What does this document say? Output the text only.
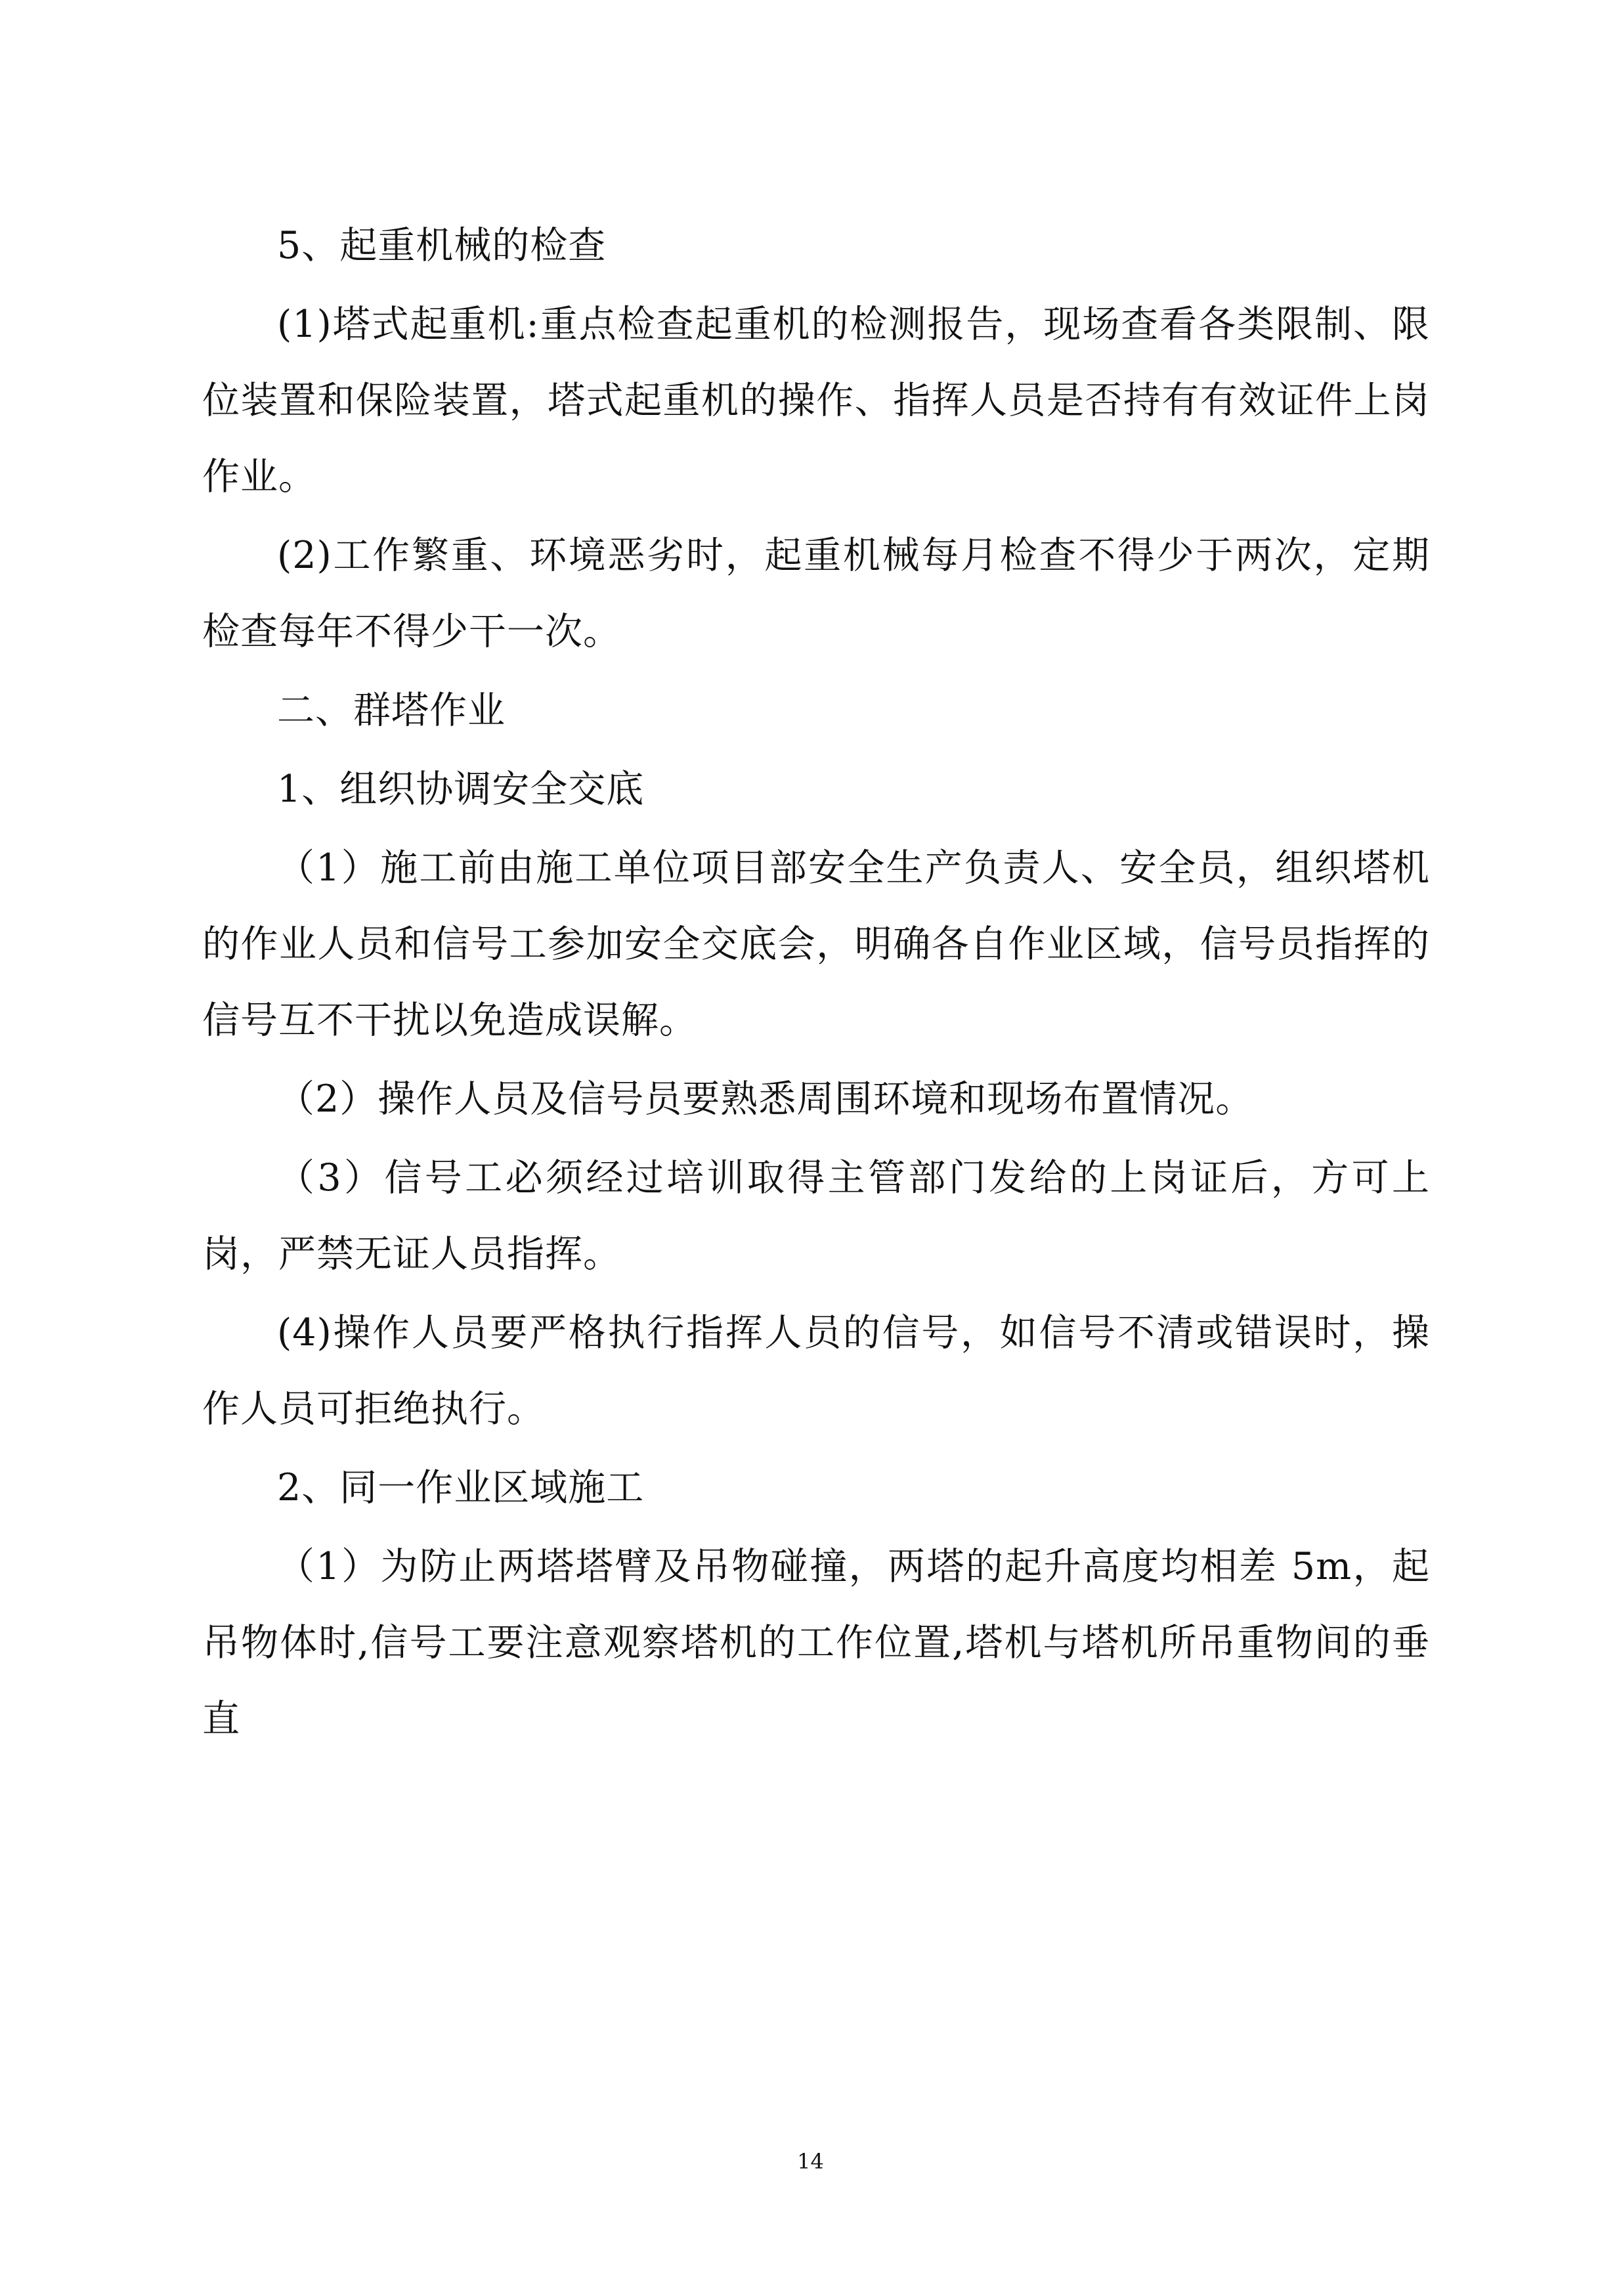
5、起重机械的检查

(1)塔式起重机:重点检查起重机的检测报告，现场查看各类限制、限位装置和保险装置，塔式起重机的操作、指挥人员是否持有有效证件上岗作业。

(2)工作繁重、环境恶劣时，起重机械每月检查不得少于两次，定期检查每年不得少干一次。

二、群塔作业

1、组织协调安全交底

（1）施工前由施工单位项目部安全生产负责人、安全员，组织塔机的作业人员和信号工参加安全交底会，明确各自作业区域，信号员指挥的信号互不干扰以免造成误解。

（2）操作人员及信号员要熟悉周围环境和现场布置情况。

（3）信号工必须经过培训取得主管部门发给的上岗证后，方可上岗，严禁无证人员指挥。

(4)操作人员要严格执行指挥人员的信号，如信号不清或错误时，操作人员可拒绝执行。

2、同一作业区域施工

（1）为防止两塔塔臂及吊物碰撞，两塔的起升高度均相差 5m，起吊物体时,信号工要注意观察塔机的工作位置,塔机与塔机所吊重物间的垂直

14
